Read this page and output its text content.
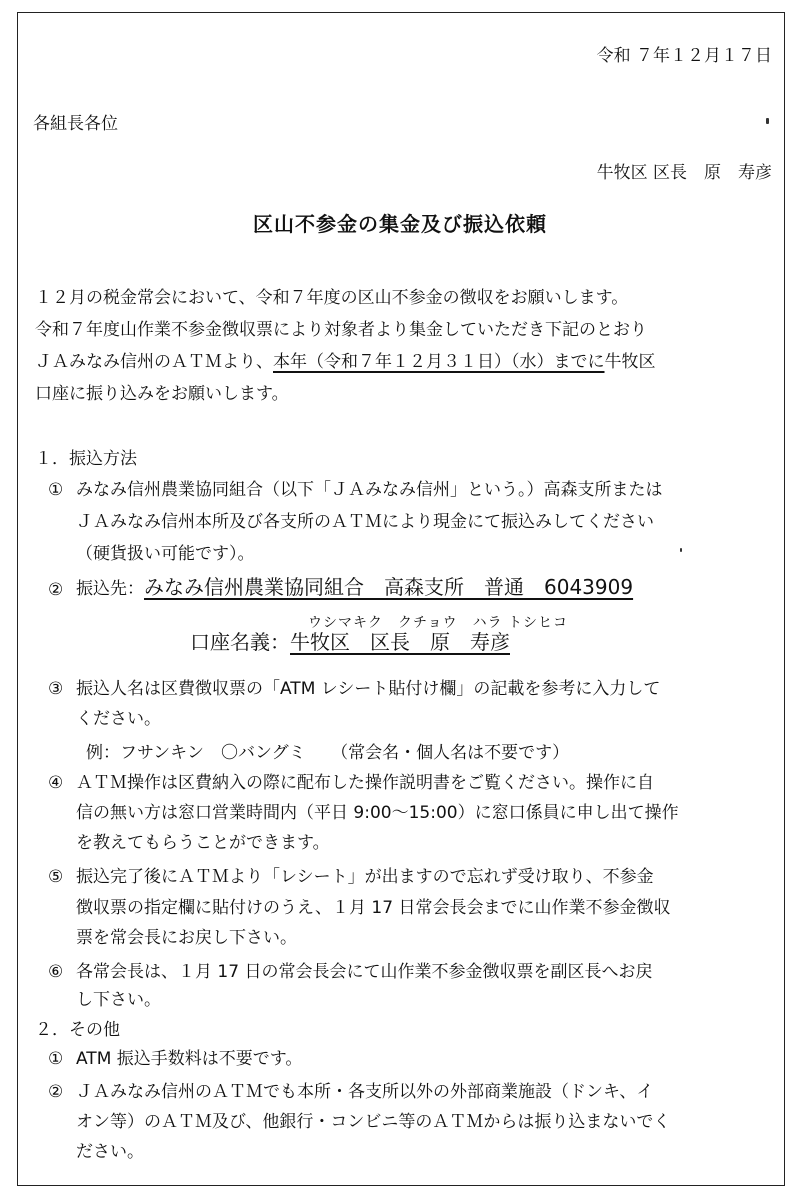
令和 ７年１２月１７日
各組長各位
牛牧区 区長　原　寿彦
区山不参金の集金及び振込依頼
１２月の税金常会において、令和７年度の区山不参金の徴収をお願いします。
令和７年度山作業不参金徴収票により対象者より集金していただき下記のとおり
ＪＡみなみ信州のＡＴＭより、本年（令和７年１２月３１日）（水）までに牛牧区
口座に振り込みをお願いします。
１．振込方法
① みなみ信州農業協同組合（以下「ＪＡみなみ信州」という。）高森支所または
ＪＡみなみ信州本所及び各支所のＡＴＭにより現金にて振込みしてください
（硬貨扱い可能です）。
② 振込先：みなみ信州農業協同組合　高森支所　普通　6043909
ウシマキク　クチョウ　ハラ トシヒコ
口座名義：牛牧区　区長　原　寿彦
③ 振込人名は区費徴収票の「ATM レシート貼付け欄」の記載を参考に入力して
ください。
例：フサンキン　〇バングミ　　（常会名・個人名は不要です）
④ ＡＴＭ操作は区費納入の際に配布した操作説明書をご覧ください。操作に自
信の無い方は窓口営業時間内（平日 9:00〜15:00）に窓口係員に申し出て操作
を教えてもらうことができます。
⑤ 振込完了後にＡＴＭより「レシート」が出ますので忘れず受け取り、不参金
徴収票の指定欄に貼付けのうえ、１月 17 日常会長会までに山作業不参金徴収
票を常会長にお戻し下さい。
⑥ 各常会長は、１月 17 日の常会長会にて山作業不参金徴収票を副区長へお戻
し下さい。
２．その他
① ATM 振込手数料は不要です。
② ＪＡみなみ信州のＡＴＭでも本所・各支所以外の外部商業施設（ドンキ、イ
オン等）のＡＴＭ及び、他銀行・コンビニ等のＡＴＭからは振り込まないでく
ださい。
